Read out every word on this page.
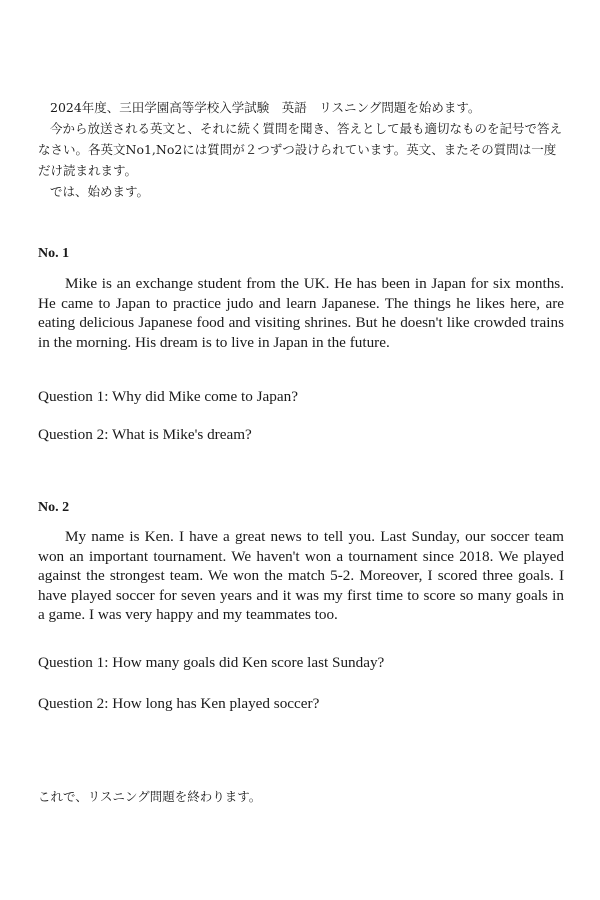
2024年度、三田学園高等学校入学試験　英語　リスニング問題を始めます。

今から放送される英文と、それに続く質問を聞き、答えとして最も適切なものを記号で答えなさい。各英文No1,No2には質問が２つずつ設けられています。英文、またその質問は一度だけ読まれます。

では、始めます。

No. 1

Mike is an exchange student from the UK. He has been in Japan for six months. He came to Japan to practice judo and learn Japanese. The things he likes here, are eating delicious Japanese food and visiting shrines. But he doesn't like crowded trains in the morning. His dream is to live in Japan in the future.

Question 1: Why did Mike come to Japan?

Question 2: What is Mike's dream?

No. 2

My name is Ken. I have a great news to tell you. Last Sunday, our soccer team won an important tournament. We haven't won a tournament since 2018. We played against the strongest team. We won the match 5-2. Moreover, I scored three goals. I have played soccer for seven years and it was my first time to score so many goals in a game. I was very happy and my teammates too.

Question 1: How many goals did Ken score last Sunday?

Question 2: How long has Ken played soccer?

これで、リスニング問題を終わります。
